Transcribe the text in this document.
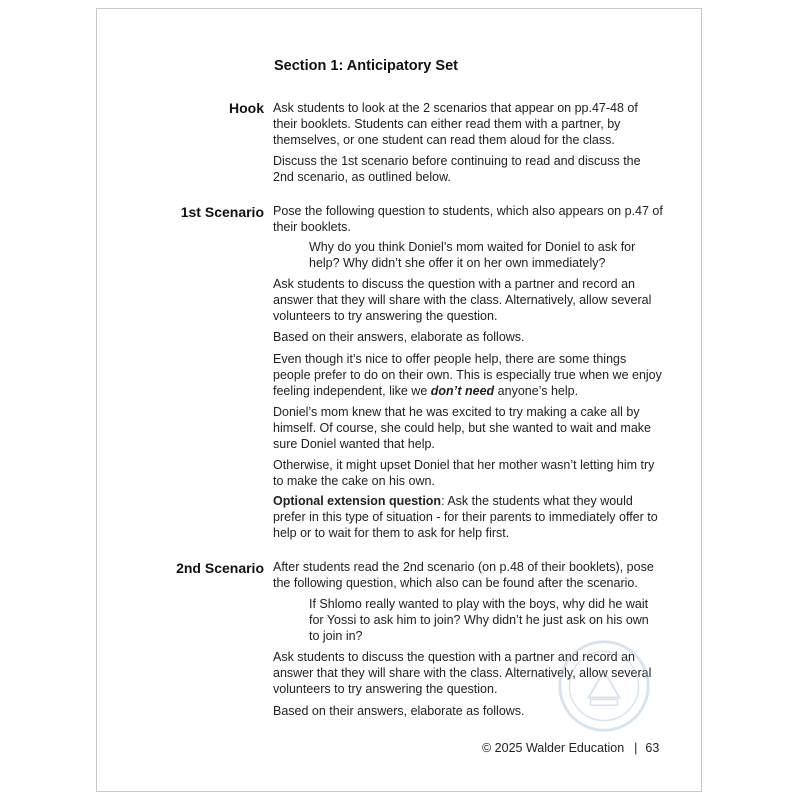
Section 1: Anticipatory Set
Hook Ask students to look at the 2 scenarios that appear on pp.47-48 of their booklets. Students can either read them with a partner, by themselves, or one student can read them aloud for the class.
Discuss the 1st scenario before continuing to read and discuss the 2nd scenario, as outlined below.
1st Scenario Pose the following question to students, which also appears on p.47 of their booklets.
Why do you think Doniel’s mom waited for Doniel to ask for help? Why didn’t she offer it on her own immediately?
Ask students to discuss the question with a partner and record an answer that they will share with the class. Alternatively, allow several volunteers to try answering the question.
Based on their answers, elaborate as follows.
Even though it’s nice to offer people help, there are some things people prefer to do on their own. This is especially true when we enjoy feeling independent, like we don’t need anyone’s help.
Doniel’s mom knew that he was excited to try making a cake all by himself. Of course, she could help, but she wanted to wait and make sure Doniel wanted that help.
Otherwise, it might upset Doniel that her mother wasn’t letting him try to make the cake on his own.
Optional extension question: Ask the students what they would prefer in this type of situation - for their parents to immediately offer to help or to wait for them to ask for help first.
2nd Scenario After students read the 2nd scenario (on p.48 of their booklets), pose the following question, which also can be found after the scenario.
If Shlomo really wanted to play with the boys, why did he wait for Yossi to ask him to join? Why didn’t he just ask on his own to join in?
Ask students to discuss the question with a partner and record an answer that they will share with the class. Alternatively, allow several volunteers to try answering the question.
Based on their answers, elaborate as follows.
© 2025 Walder Education | 63
